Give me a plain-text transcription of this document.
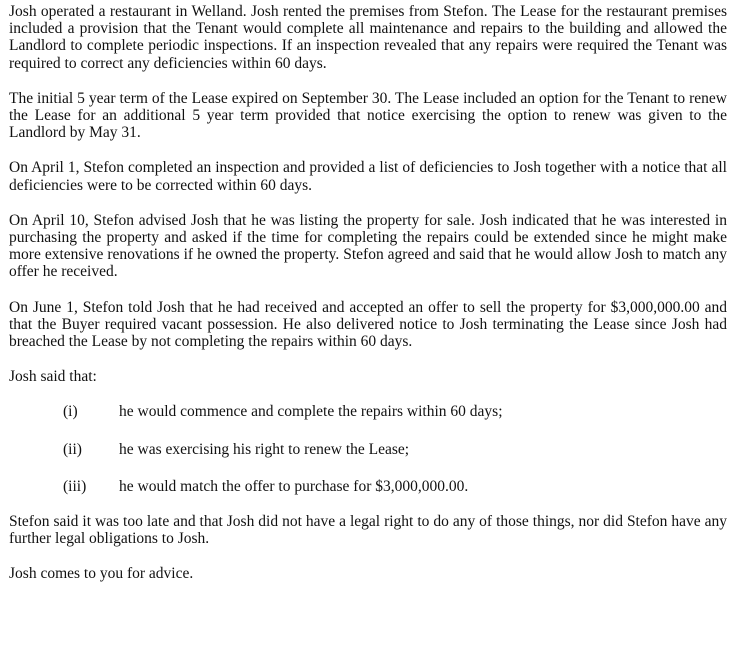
Josh operated a restaurant in Welland. Josh rented the premises from Stefon. The Lease for the restaurant premises included a provision that the Tenant would complete all maintenance and repairs to the building and allowed the Landlord to complete periodic inspections. If an inspection revealed that any repairs were required the Tenant was required to correct any deficiencies within 60 days.

The initial 5 year term of the Lease expired on September 30. The Lease included an option for the Tenant to renew the Lease for an additional 5 year term provided that notice exercising the option to renew was given to the Landlord by May 31.

On April 1, Stefon completed an inspection and provided a list of deficiencies to Josh together with a notice that all deficiencies were to be corrected within 60 days.

On April 10, Stefon advised Josh that he was listing the property for sale. Josh indicated that he was interested in purchasing the property and asked if the time for completing the repairs could be extended since he might make more extensive renovations if he owned the property. Stefon agreed and said that he would allow Josh to match any offer he received.

On June 1, Stefon told Josh that he had received and accepted an offer to sell the property for $3,000,000.00 and that the Buyer required vacant possession. He also delivered notice to Josh terminating the Lease since Josh had breached the Lease by not completing the repairs within 60 days.

Josh said that:

(i)	he would commence and complete the repairs within 60 days;
(ii)	he was exercising his right to renew the Lease;
(iii)	he would match the offer to purchase for $3,000,000.00.

Stefon said it was too late and that Josh did not have a legal right to do any of those things, nor did Stefon have any further legal obligations to Josh.

Josh comes to you for advice.
